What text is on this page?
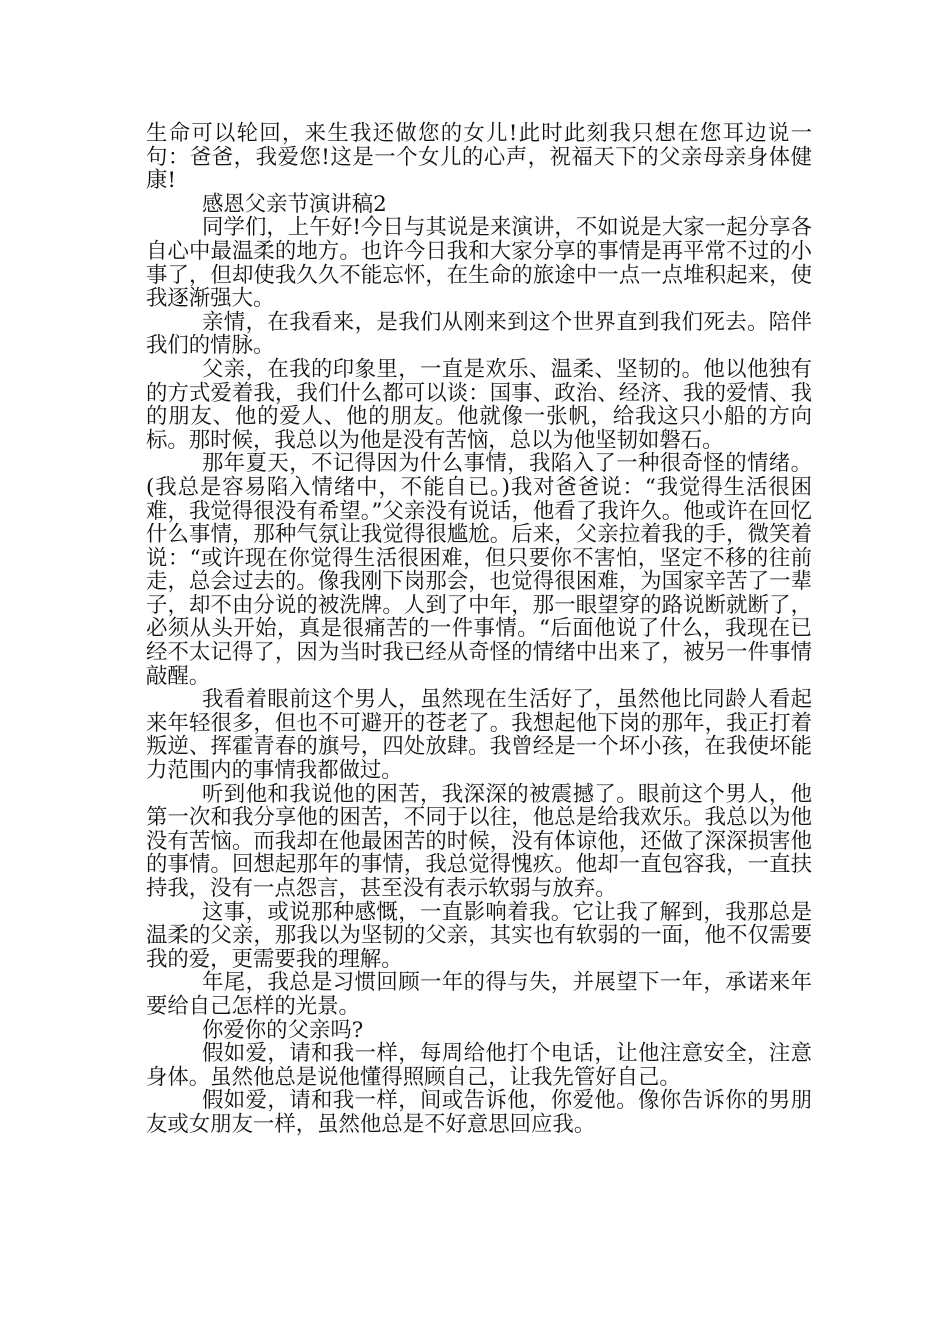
生命可以轮回，来生我还做您的女儿!此时此刻我只想在您耳边说一句：爸爸，我爱您!这是一个女儿的心声，祝福天下的父亲母亲身体健康!

感恩父亲节演讲稿2

同学们，上午好!今日与其说是来演讲，不如说是大家一起分享各自心中最温柔的地方。也许今日我和大家分享的事情是再平常不过的小事了，但却使我久久不能忘怀，在生命的旅途中一点一点堆积起来，使我逐渐强大。

亲情，在我看来，是我们从刚来到这个世界直到我们死去。陪伴我们的情脉。

父亲，在我的印象里，一直是欢乐、温柔、坚韧的。他以他独有的方式爱着我，我们什么都可以谈：国事、政治、经济、我的爱情、我的朋友、他的爱人、他的朋友。他就像一张帆，给我这只小船的方向标。那时候，我总以为他是没有苦恼，总以为他坚韧如磐石。

那年夏天，不记得因为什么事情，我陷入了一种很奇怪的情绪。(我总是容易陷入情绪中，不能自已。)我对爸爸说：“我觉得生活很困难，我觉得很没有希望。”父亲没有说话，他看了我许久。他或许在回忆什么事情，那种气氛让我觉得很尴尬。后来，父亲拉着我的手，微笑着说：“或许现在你觉得生活很困难，但只要你不害怕，坚定不移的往前走，总会过去的。像我刚下岗那会，也觉得很困难，为国家辛苦了一辈子，却不由分说的被洗牌。人到了中年，那一眼望穿的路说断就断了，必须从头开始，真是很痛苦的一件事情。“后面他说了什么，我现在已经不太记得了，因为当时我已经从奇怪的情绪中出来了，被另一件事情敲醒。

我看着眼前这个男人，虽然现在生活好了，虽然他比同龄人看起来年轻很多，但也不可避开的苍老了。我想起他下岗的那年，我正打着叛逆、挥霍青春的旗号，四处放肆。我曾经是一个坏小孩，在我使坏能力范围内的事情我都做过。

听到他和我说他的困苦，我深深的被震撼了。眼前这个男人，他第一次和我分享他的困苦，不同于以往，他总是给我欢乐。我总以为他没有苦恼。而我却在他最困苦的时候，没有体谅他，还做了深深损害他的事情。回想起那年的事情，我总觉得愧疚。他却一直包容我，一直扶持我，没有一点怨言，甚至没有表示软弱与放弃。

这事，或说那种感慨，一直影响着我。它让我了解到，我那总是温柔的父亲，那我以为坚韧的父亲，其实也有软弱的一面，他不仅需要我的爱，更需要我的理解。

年尾，我总是习惯回顾一年的得与失，并展望下一年，承诺来年要给自己怎样的光景。

你爱你的父亲吗?

假如爱，请和我一样，每周给他打个电话，让他注意安全，注意身体。虽然他总是说他懂得照顾自己，让我先管好自己。

假如爱，请和我一样，间或告诉他，你爱他。像你告诉你的男朋友或女朋友一样，虽然他总是不好意思回应我。
